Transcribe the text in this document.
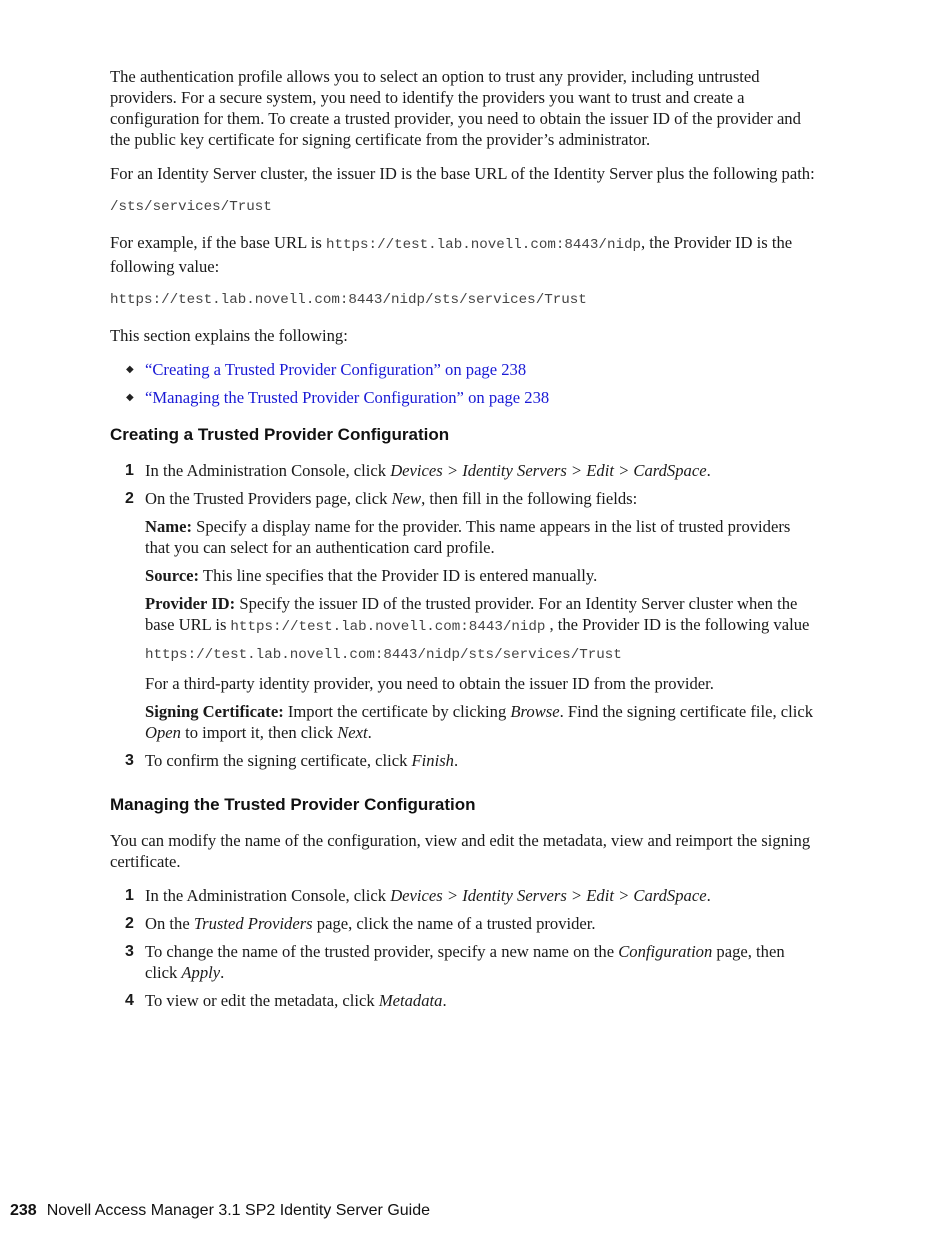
The authentication profile allows you to select an option to trust any provider, including untrusted providers. For a secure system, you need to identify the providers you want to trust and create a configuration for them. To create a trusted provider, you need to obtain the issuer ID of the provider and the public key certificate for signing certificate from the provider’s administrator.

For an Identity Server cluster, the issuer ID is the base URL of the Identity Server plus the following path:

/sts/services/Trust

For example, if the base URL is https://test.lab.novell.com:8443/nidp, the Provider ID is the following value:

https://test.lab.novell.com:8443/nidp/sts/services/Trust

This section explains the following:

◆ “Creating a Trusted Provider Configuration” on page 238
◆ “Managing the Trusted Provider Configuration” on page 238
Creating a Trusted Provider Configuration
1 In the Administration Console, click Devices > Identity Servers > Edit > CardSpace.
2 On the Trusted Providers page, click New, then fill in the following fields:

Name: Specify a display name for the provider. This name appears in the list of trusted providers that you can select for an authentication card profile.

Source: This line specifies that the Provider ID is entered manually.

Provider ID: Specify the issuer ID of the trusted provider. For an Identity Server cluster when the base URL is https://test.lab.novell.com:8443/nidp , the Provider ID is the following value

https://test.lab.novell.com:8443/nidp/sts/services/Trust

For a third-party identity provider, you need to obtain the issuer ID from the provider.

Signing Certificate: Import the certificate by clicking Browse. Find the signing certificate file, click Open to import it, then click Next.

3 To confirm the signing certificate, click Finish.
Managing the Trusted Provider Configuration

You can modify the name of the configuration, view and edit the metadata, view and reimport the signing certificate.

1 In the Administration Console, click Devices > Identity Servers > Edit > CardSpace.
2 On the Trusted Providers page, click the name of a trusted provider.
3 To change the name of the trusted provider, specify a new name on the Configuration page, then click Apply.
4 To view or edit the metadata, click Metadata.
238 Novell Access Manager 3.1 SP2 Identity Server Guide
